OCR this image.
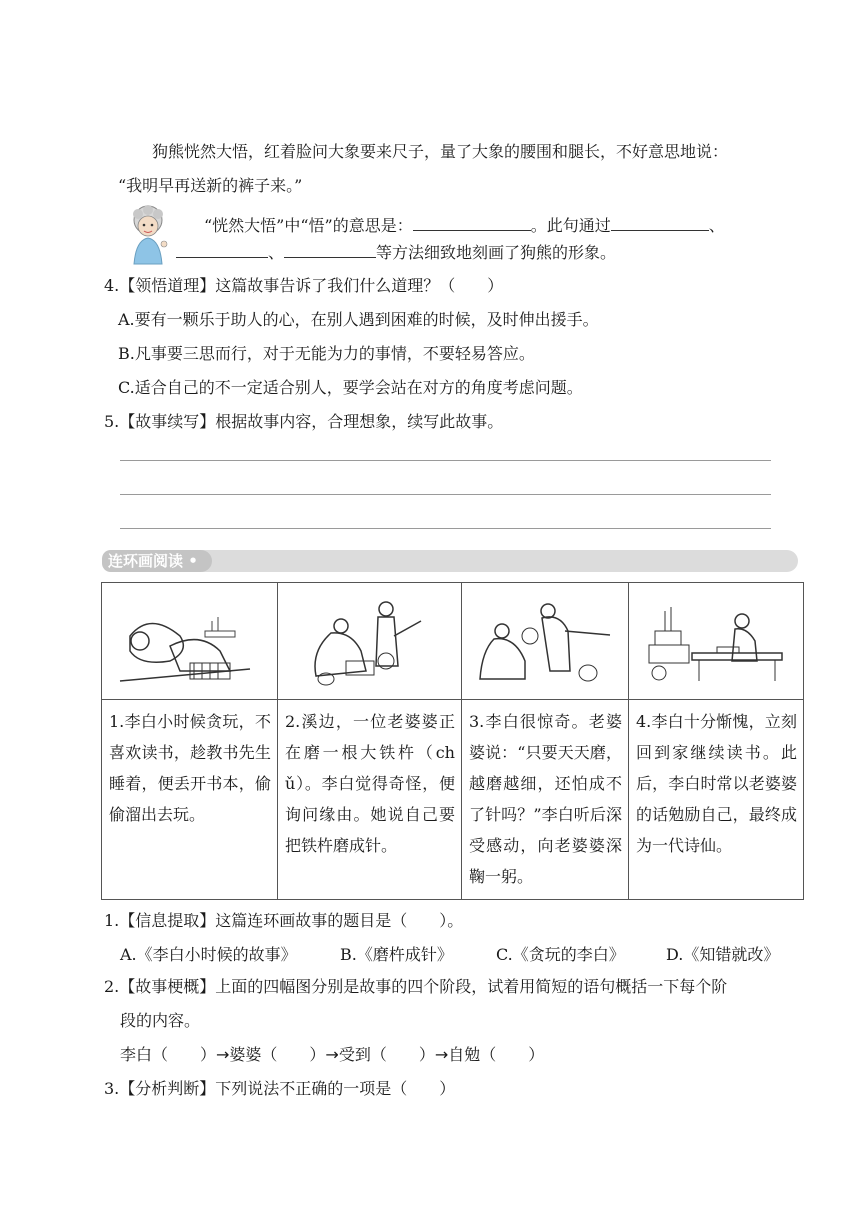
狗熊恍然大悟，红着脸问大象要来尺子，量了大象的腰围和腿长，不好意思地说：
“我明早再送新的裤子来。”
“恍然大悟”中“悟”的意思是：	。此句通过	、
、	等方法细致地刻画了狗熊的形象。
4.【领悟道理】这篇故事告诉了我们什么道理？（　　）
A.要有一颗乐于助人的心，在别人遇到困难的时候，及时伸出援手。
B.凡事要三思而行，对于无能为力的事情，不要轻易答应。
C.适合自己的不一定适合别人，要学会站在对方的角度考虑问题。
5.【故事续写】根据故事内容，合理想象，续写此故事。
连环画阅读 •
1.李白小时候贪玩，不喜欢读书，趁教书先生睡着，便丢开书本，偷偷溜出去玩。

2.溪边，一位老婆婆正在磨一根大铁杵（chǔ）。李白觉得奇怪，便询问缘由。她说自己要把铁杵磨成针。

3.李白很惊奇。老婆婆说：“只要天天磨，越磨越细，还怕成不了针吗？”李白听后深受感动，向老婆婆深鞠一躬。

4.李白十分惭愧，立刻回到家继续读书。此后，李白时常以老婆婆的话勉励自己，最终成为一代诗仙。
1.【信息提取】这篇连环画故事的题目是（　　）。
A.《李白小时候的故事》	B.《磨杵成针》	C.《贪玩的李白》	D.《知错就改》
2.【故事梗概】上面的四幅图分别是故事的四个阶段，试着用简短的语句概括一下每个阶
段的内容。
李白（　　）→婆婆（　　）→受到（　　）→自勉（　　）
3.【分析判断】下列说法不正确的一项是（　　）
